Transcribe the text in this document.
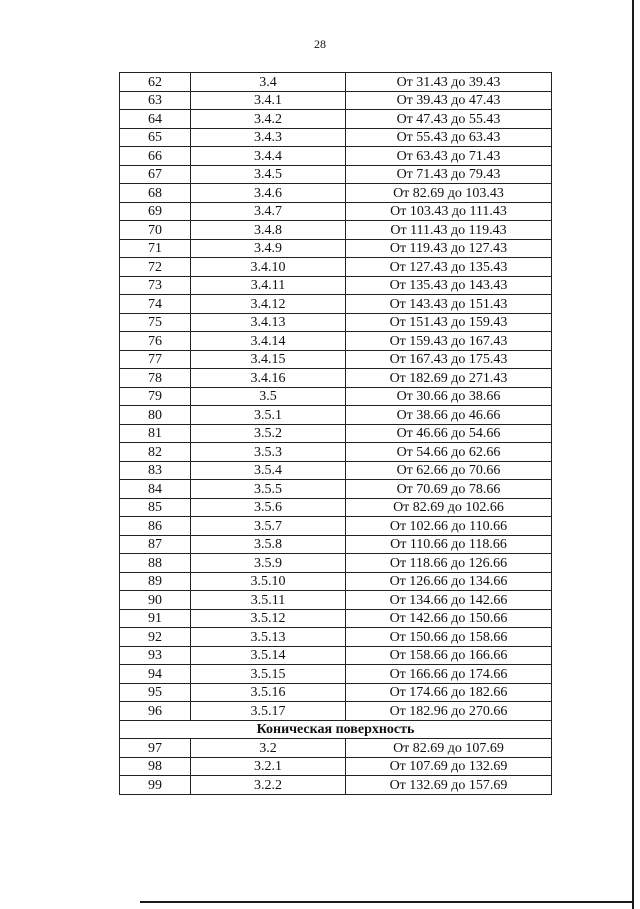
28
62	3.4	От 31.43 до 39.43
63	3.4.1	От 39.43 до 47.43
64	3.4.2	От 47.43 до 55.43
65	3.4.3	От 55.43 до 63.43
66	3.4.4	От 63.43 до 71.43
67	3.4.5	От 71.43 до 79.43
68	3.4.6	От 82.69 до 103.43
69	3.4.7	От 103.43 до 111.43
70	3.4.8	От 111.43 до 119.43
71	3.4.9	От 119.43 до 127.43
72	3.4.10	От 127.43 до 135.43
73	3.4.11	От 135.43 до 143.43
74	3.4.12	От 143.43 до 151.43
75	3.4.13	От 151.43 до 159.43
76	3.4.14	От 159.43 до 167.43
77	3.4.15	От 167.43 до 175.43
78	3.4.16	От 182.69 до 271.43
79	3.5	От 30.66 до 38.66
80	3.5.1	От 38.66 до 46.66
81	3.5.2	От 46.66 до 54.66
82	3.5.3	От 54.66 до 62.66
83	3.5.4	От 62.66 до 70.66
84	3.5.5	От 70.69 до 78.66
85	3.5.6	От 82.69 до 102.66
86	3.5.7	От 102.66 до 110.66
87	3.5.8	От 110.66 до 118.66
88	3.5.9	От 118.66 до 126.66
89	3.5.10	От 126.66 до 134.66
90	3.5.11	От 134.66 до 142.66
91	3.5.12	От 142.66 до 150.66
92	3.5.13	От 150.66 до 158.66
93	3.5.14	От 158.66 до 166.66
94	3.5.15	От 166.66 до 174.66
95	3.5.16	От 174.66 до 182.66
96	3.5.17	От 182.96 до 270.66
Коническая поверхность		
97	3.2	От 82.69 до 107.69
98	3.2.1	От 107.69 до 132.69
99	3.2.2	От 132.69 до 157.69
